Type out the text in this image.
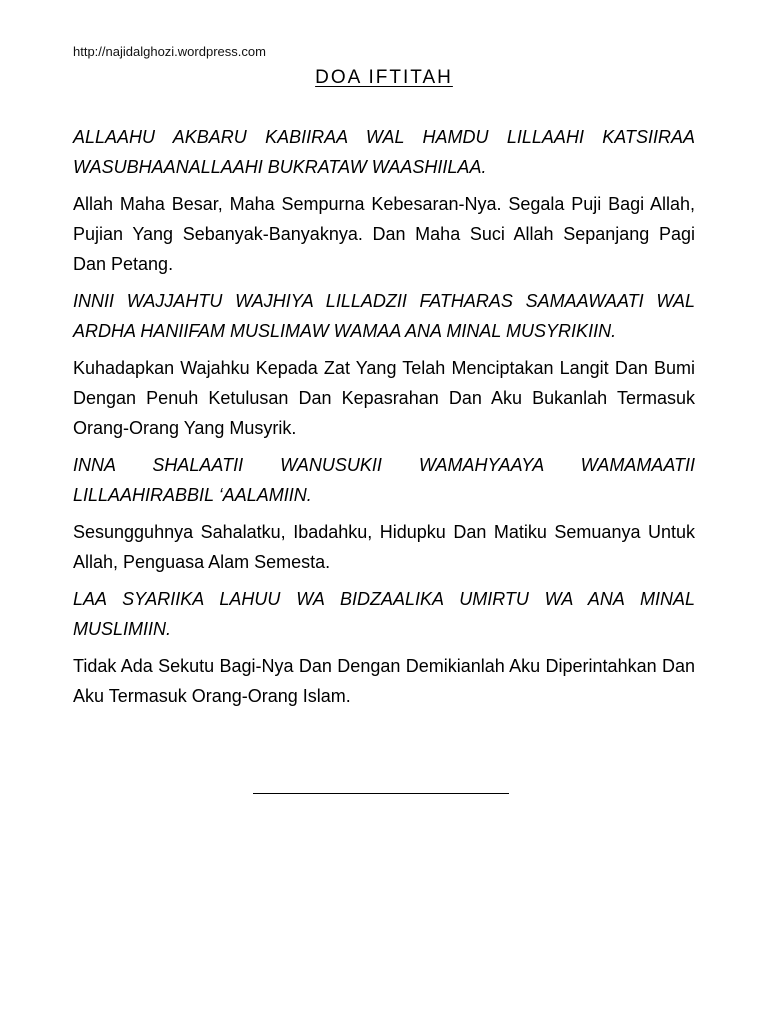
http://najidalghozi.wordpress.com
DOA IFTITAH

ALLAAHU AKBARU KABIIRAA WAL HAMDU LILLAAHI KATSIIRAA WASUBHAANALLAAHI BUKRATAW WAASHIILAA.

Allah Maha Besar, Maha Sempurna Kebesaran-Nya. Segala Puji Bagi Allah, Pujian Yang Sebanyak-Banyaknya. Dan Maha Suci Allah Sepanjang Pagi Dan Petang.

INNII WAJJAHTU WAJHIYA LILLADZII FATHARAS SAMAAWAATI WAL ARDHA HANIIFAM MUSLIMAW WAMAA ANA MINAL MUSYRIKIIN.

Kuhadapkan Wajahku Kepada Zat Yang Telah Menciptakan Langit Dan Bumi Dengan Penuh Ketulusan Dan Kepasrahan Dan Aku Bukanlah Termasuk Orang-Orang Yang Musyrik.

INNA SHALAATII WANUSUKII WAMAHYAAYA WAMAMAATII LILLAAHIRABBIL ‘AALAMIIN.

Sesungguhnya Sahalatku, Ibadahku, Hidupku Dan Matiku Semuanya Untuk Allah, Penguasa Alam Semesta.

LAA SYARIIKA LAHUU WA BIDZAALIKA UMIRTU WA ANA MINAL MUSLIMIIN.

Tidak Ada Sekutu Bagi-Nya Dan Dengan Demikianlah Aku Diperintahkan Dan Aku Termasuk Orang-Orang Islam.
